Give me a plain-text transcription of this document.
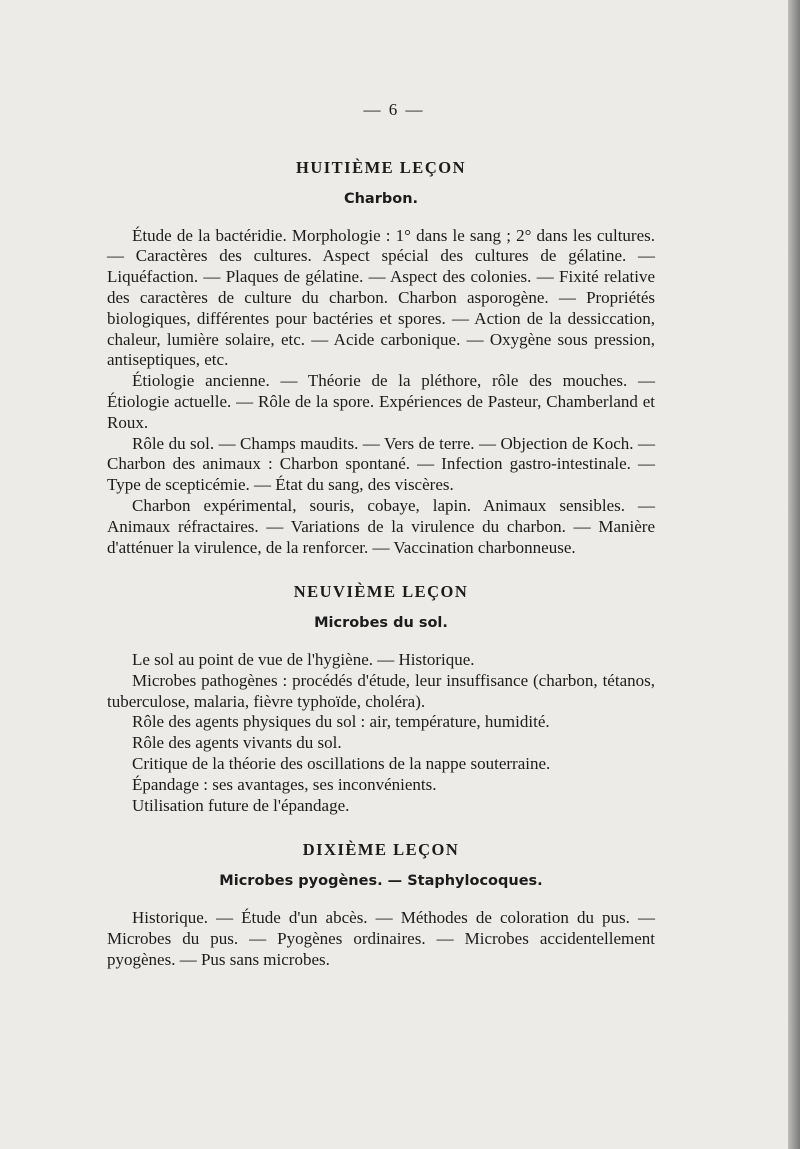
— 6 —
HUITIÈME LEÇON
Charbon.

Étude de la bactéridie. Morphologie : 1° dans le sang ; 2° dans les cultures. — Caractères des cultures. Aspect spécial des cultures de gélatine. — Liquéfaction. — Plaques de gélatine. — Aspect des colonies. — Fixité relative des caractères de culture du charbon. Charbon asporogène. — Propriétés biologiques, différentes pour bactéries et spores. — Action de la dessiccation, chaleur, lumière solaire, etc. — Acide carbonique. — Oxygène sous pression, antiseptiques, etc.

Étiologie ancienne. — Théorie de la pléthore, rôle des mouches. — Étiologie actuelle. — Rôle de la spore. Expériences de Pasteur, Chamberland et Roux.

Rôle du sol. — Champs maudits. — Vers de terre. — Objection de Koch. — Charbon des animaux : Charbon spontané. — Infection gastro-intestinale. — Type de scepticémie. — État du sang, des viscères.

Charbon expérimental, souris, cobaye, lapin. Animaux sensibles. — Animaux réfractaires. — Variations de la virulence du charbon. — Manière d'atténuer la virulence, de la renforcer. — Vaccination charbonneuse.

NEUVIÈME LEÇON
Microbes du sol.

Le sol au point de vue de l'hygiène. — Historique.

Microbes pathogènes : procédés d'étude, leur insuffisance (charbon, tétanos, tuberculose, malaria, fièvre typhoïde, choléra).

Rôle des agents physiques du sol : air, température, humidité.

Rôle des agents vivants du sol.

Critique de la théorie des oscillations de la nappe souterraine.

Épandage : ses avantages, ses inconvénients.

Utilisation future de l'épandage.

DIXIÈME LEÇON
Microbes pyogènes. — Staphylocoques.

Historique. — Étude d'un abcès. — Méthodes de coloration du pus. — Microbes du pus. — Pyogènes ordinaires. — Microbes accidentellement pyogènes. — Pus sans microbes.
